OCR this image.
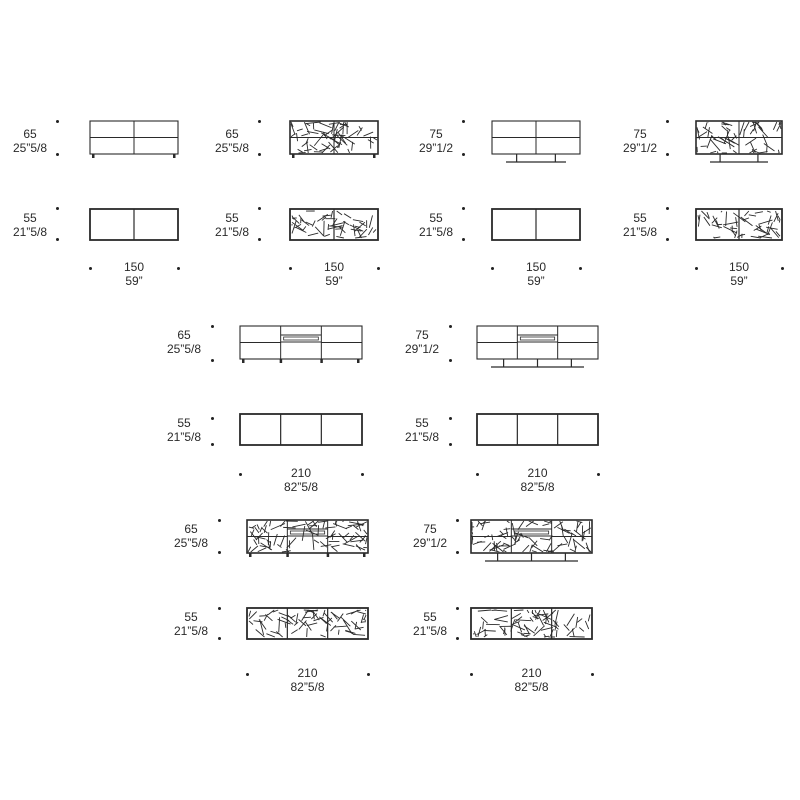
65
25”5/8
55
21”5/8
150
59”
65
25”5/8
55
21”5/8
150
59”
75
29”1/2
55
21”5/8
150
59”
75
29”1/2
55
21”5/8
150
59”
65
25”5/8
55
21”5/8
210
82”5/8
75
29”1/2
55
21”5/8
210
82”5/8
65
25”5/8
55
21”5/8
210
82”5/8
75
29”1/2
55
21”5/8
210
82”5/8
